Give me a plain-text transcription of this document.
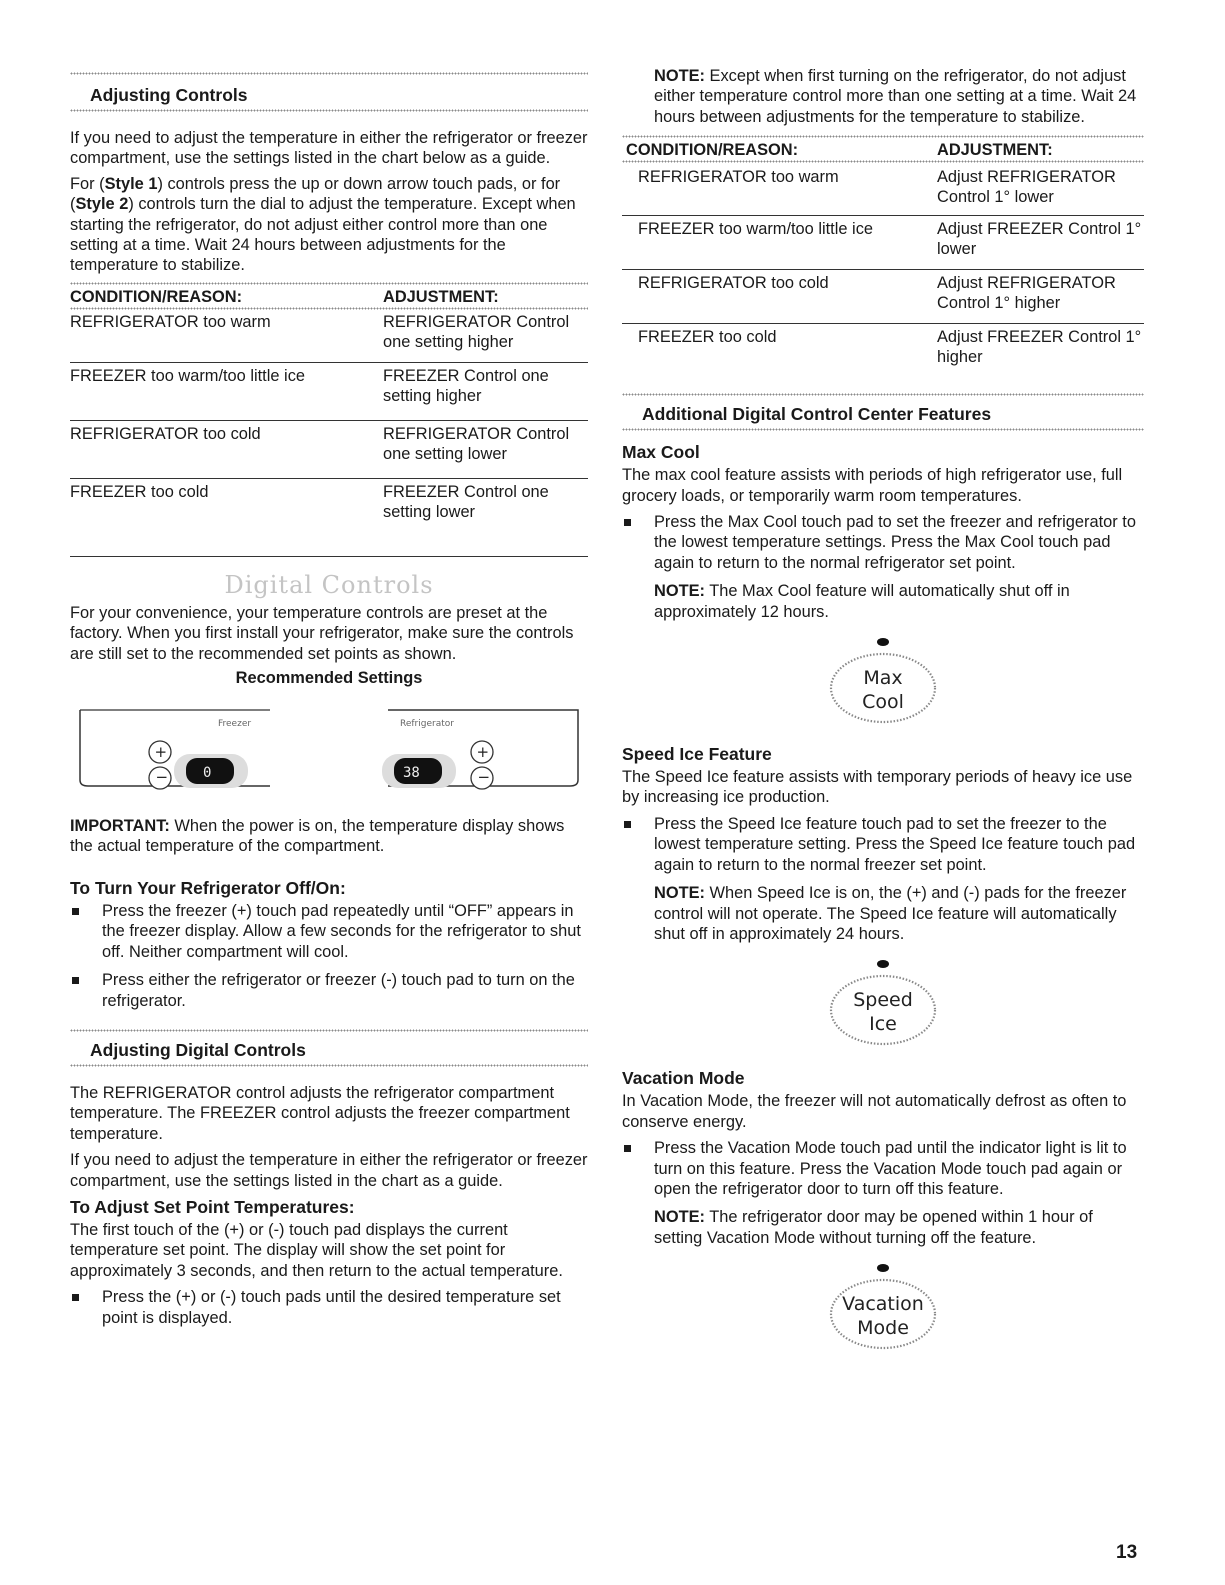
Adjusting Controls

If you need to adjust the temperature in either the refrigerator or freezer compartment, use the settings listed in the chart below as a guide.

For (Style 1) controls press the up or down arrow touch pads, or for (Style 2) controls turn the dial to adjust the temperature. Except when starting the refrigerator, do not adjust either control more than one setting at a time. Wait 24 hours between adjustments for the temperature to stabilize.

CONDITION/REASON:	ADJUSTMENT:
REFRIGERATOR too warm	REFRIGERATOR Control one setting higher
FREEZER too warm/too little ice	FREEZER Control one setting higher
REFRIGERATOR too cold	REFRIGERATOR Control one setting lower
FREEZER too cold	FREEZER Control one setting lower
Digital Controls

For your convenience, your temperature controls are preset at the factory. When you first install your refrigerator, make sure the controls are still set to the recommended set points as shown.

Recommended Settings
Freezer
+
− 0
Refrigerator
38
+
−

IMPORTANT: When the power is on, the temperature display shows the actual temperature of the compartment.

To Turn Your Refrigerator Off/On:
Press the freezer (+) touch pad repeatedly until “OFF” appears in the freezer display. Allow a few seconds for the refrigerator to shut off. Neither compartment will cool.
Press either the refrigerator or freezer (-) touch pad to turn on the refrigerator.
Adjusting Digital Controls

The REFRIGERATOR control adjusts the refrigerator compartment temperature. The FREEZER control adjusts the freezer compartment temperature.

If you need to adjust the temperature in either the refrigerator or freezer compartment, use the settings listed in the chart as a guide.

To Adjust Set Point Temperatures:

The first touch of the (+) or (-) touch pad displays the current temperature set point. The display will show the set point for approximately 3 seconds, and then return to the actual temperature.

Press the (+) or (-) touch pads until the desired temperature set point is displayed.

NOTE: Except when first turning on the refrigerator, do not adjust either temperature control more than one setting at a time. Wait 24 hours between adjustments for the temperature to stabilize.

CONDITION/REASON:	ADJUSTMENT:
REFRIGERATOR too warm	Adjust REFRIGERATOR Control 1° lower
FREEZER too warm/too little ice	Adjust FREEZER Control 1° lower
REFRIGERATOR too cold	Adjust REFRIGERATOR Control 1° higher
FREEZER too cold	Adjust FREEZER Control 1° higher
Additional Digital Control Center Features
Max Cool

The max cool feature assists with periods of high refrigerator use, full grocery loads, or temporarily warm room temperatures.

Press the Max Cool touch pad to set the freezer and refrigerator to the lowest temperature settings. Press the Max Cool touch pad again to return to the normal refrigerator set point.

NOTE: The Max Cool feature will automatically shut off in approximately 12 hours.

Max
Cool
Speed Ice Feature

The Speed Ice feature assists with temporary periods of heavy ice use by increasing ice production.

Press the Speed Ice feature touch pad to set the freezer to the lowest temperature setting. Press the Speed Ice feature touch pad again to return to the normal freezer set point.

NOTE: When Speed Ice is on, the (+) and (-) pads for the freezer control will not operate. The Speed Ice feature will automatically shut off in approximately 24 hours.

Speed
Ice
Vacation Mode

In Vacation Mode, the freezer will not automatically defrost as often to conserve energy.

Press the Vacation Mode touch pad until the indicator light is lit to turn on this feature. Press the Vacation Mode touch pad again or open the refrigerator door to turn off this feature.

NOTE: The refrigerator door may be opened within 1 hour of setting Vacation Mode without turning off the feature.

Vacation
Mode
13
